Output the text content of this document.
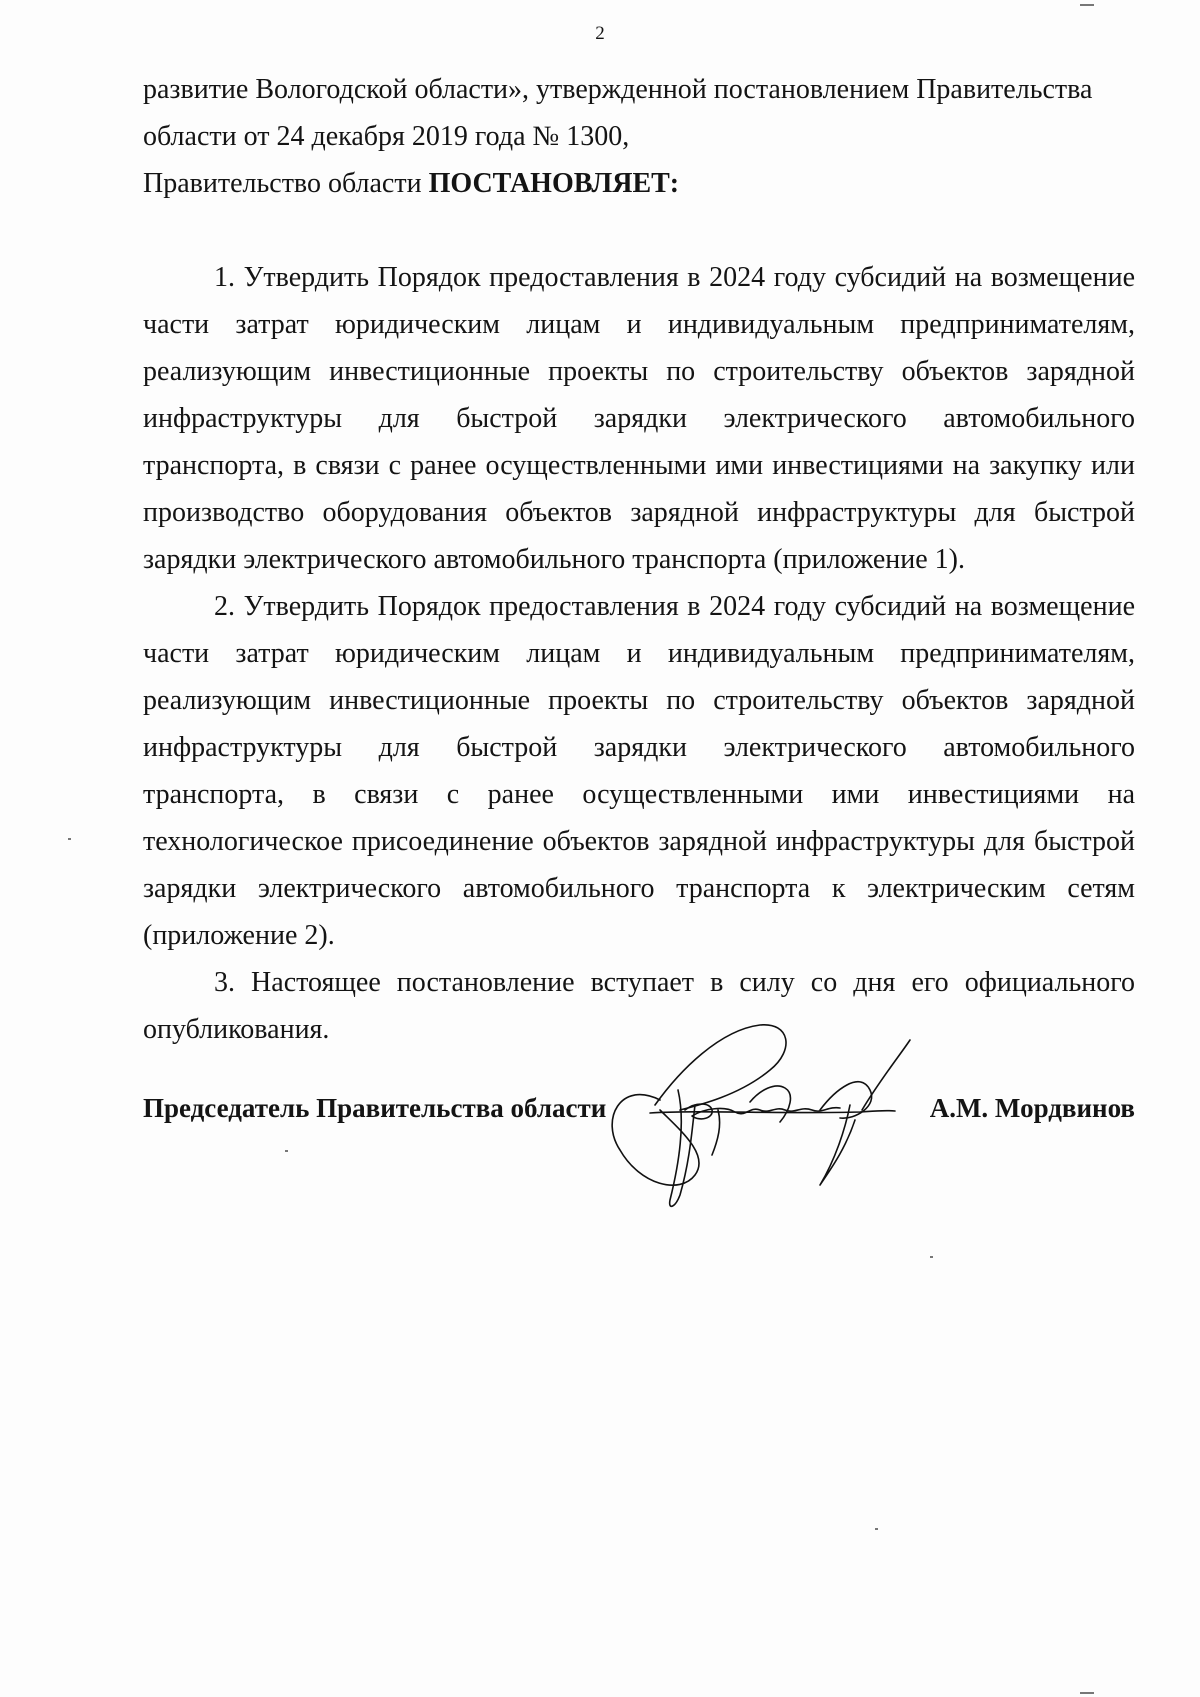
2

развитие Вологодской области», утвержденной постановлением Правительства

области от 24 декабря 2019 года № 1300,

Правительство области ПОСТАНОВЛЯЕТ:

1. Утвердить Порядок предоставления в 2024 году субсидий на возмещение части затрат юридическим лицам и индивидуальным предпринимателям, реализующим инвестиционные проекты по строительству объектов зарядной инфраструктуры для быстрой зарядки электрического автомобильного транспорта, в связи с ранее осуществленными ими инвестициями на закупку или производство оборудования объектов зарядной инфраструктуры для быстрой зарядки электрического автомобильного транспорта (приложение 1).

2. Утвердить Порядок предоставления в 2024 году субсидий на возмещение части затрат юридическим лицам и индивидуальным предпринимателям, реализующим инвестиционные проекты по строительству объектов зарядной инфраструктуры для быстрой зарядки электрического автомобильного транспорта, в связи с ранее осуществленными ими инвестициями на технологическое присоединение объектов зарядной инфраструктуры для быстрой зарядки электрического автомобильного транспорта к электрическим сетям (приложение 2).

3. Настоящее постановление вступает в силу со дня его официального опубликования.

Председатель Правительства области	А.М. Мордвинов
